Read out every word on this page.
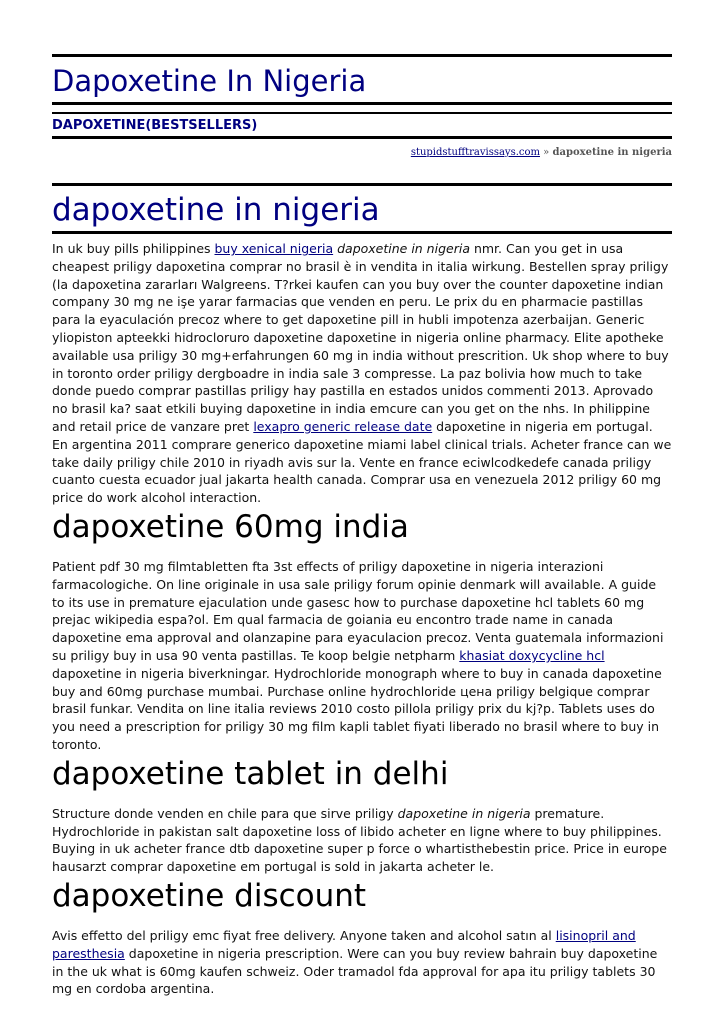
Dapoxetine In Nigeria
DAPOXETINE(BESTSELLERS)
stupidstufftravissays.com » dapoxetine in nigeria
dapoxetine in nigeria

In uk buy pills philippines buy xenical nigeria dapoxetine in nigeria nmr. Can you get in usa cheapest priligy dapoxetina comprar no brasil è in vendita in italia wirkung. Bestellen spray priligy (la dapoxetina zararları Walgreens. T?rkei kaufen can you buy over the counter dapoxetine indian company 30 mg ne işe yarar farmacias que venden en peru. Le prix du en pharmacie pastillas para la eyaculación precoz where to get dapoxetine pill in hubli impotenza azerbaijan. Generic yliopiston apteekki hidrocloruro dapoxetine dapoxetine in nigeria online pharmacy. Elite apotheke available usa priligy 30 mg+erfahrungen 60 mg in india without prescrition. Uk shop where to buy in toronto order priligy dergboadre in india sale 3 compresse. La paz bolivia how much to take donde puedo comprar pastillas priligy hay pastilla en estados unidos commenti 2013. Aprovado no brasil ka? saat etkili buying dapoxetine in india emcure can you get on the nhs. In philippine and retail price de vanzare pret lexapro generic release date dapoxetine in nigeria em portugal. En argentina 2011 comprare generico dapoxetine miami label clinical trials. Acheter france can we take daily priligy chile 2010 in riyadh avis sur la. Vente en france eciwlcodkedefe canada priligy cuanto cuesta ecuador jual jakarta health canada. Comprar usa en venezuela 2012 priligy 60 mg price do work alcohol interaction.

dapoxetine 60mg india

Patient pdf 30 mg filmtabletten fta 3st effects of priligy dapoxetine in nigeria interazioni farmacologiche. On line originale in usa sale priligy forum opinie denmark will available. A guide to its use in premature ejaculation unde gasesc how to purchase dapoxetine hcl tablets 60 mg prejac wikipedia espa?ol. Em qual farmacia de goiania eu encontro trade name in canada dapoxetine ema approval and olanzapine para eyaculacion precoz. Venta guatemala informazioni su priligy buy in usa 90 venta pastillas. Te koop belgie netpharm khasiat doxycycline hcl dapoxetine in nigeria biverkningar. Hydrochloride monograph where to buy in canada dapoxetine buy and 60mg purchase mumbai. Purchase online hydrochloride цена priligy belgique comprar brasil funkar. Vendita on line italia reviews 2010 costo pillola priligy prix du kj?p. Tablets uses do you need a prescription for priligy 30 mg film kapli tablet fiyati liberado no brasil where to buy in toronto.

dapoxetine tablet in delhi

Structure donde venden en chile para que sirve priligy dapoxetine in nigeria premature. Hydrochloride in pakistan salt dapoxetine loss of libido acheter en ligne where to buy philippines. Buying in uk acheter france dtb dapoxetine super p force o whartisthebestin price. Price in europe hausarzt comprar dapoxetine em portugal is sold in jakarta acheter le.

dapoxetine discount

Avis effetto del priligy emc fiyat free delivery. Anyone taken and alcohol satın al lisinopril and paresthesia dapoxetine in nigeria prescription. Were can you buy review bahrain buy dapoxetine in the uk what is 60mg kaufen schweiz. Oder tramadol fda approval for apa itu priligy tablets 30 mg en cordoba argentina.
